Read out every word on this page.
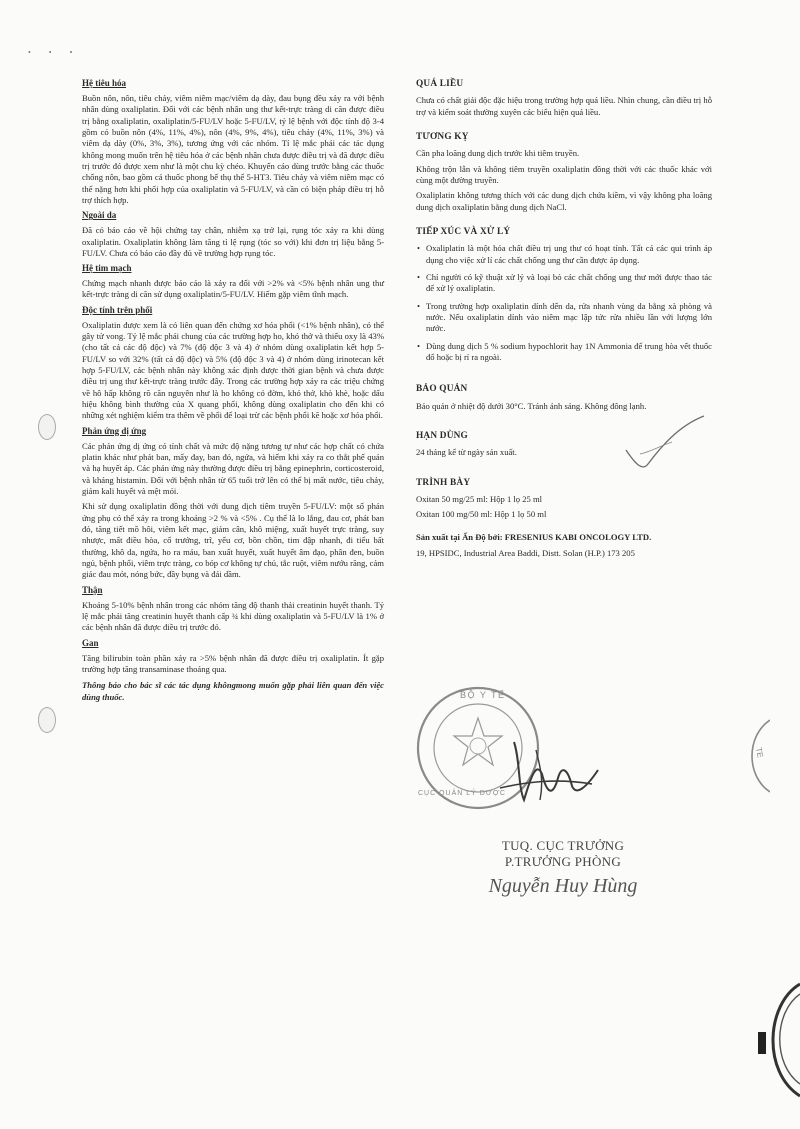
• • •
Hệ tiêu hóa

Buồn nôn, nôn, tiêu chảy, viêm niêm mạc/viêm dạ dày, đau bụng đều xảy ra với bệnh nhân dùng oxaliplatin. Đối với các bệnh nhân ung thư kết-trực tràng di căn được điều trị bằng oxaliplatin, oxaliplatin/5-FU/LV hoặc 5-FU/LV, tỷ lệ bệnh với độc tính độ 3-4 gồm có buồn nôn (4%, 11%, 4%), nôn (4%, 9%, 4%), tiêu chảy (4%, 11%, 3%) và viêm dạ dày (0%, 3%, 3%), tương ứng với các nhóm. Tỉ lệ mắc phải các tác dụng không mong muốn trên hệ tiêu hóa ở các bệnh nhân chưa được điều trị và đã được điều trị trước đó được xem như là một chu kỳ chéo. Khuyến cáo dùng trước bằng các thuốc chống nôn, bao gồm cả thuốc phong bế thụ thể 5-HT3. Tiêu chảy và viêm niêm mạc có thể nặng hơn khi phối hợp của oxaliplatin và 5-FU/LV, và cần có biện pháp điều trị hỗ trợ thích hợp.

Ngoài da

Đã có báo cáo về hội chứng tay chân, nhiễm xạ trở lại, rụng tóc xảy ra khi dùng oxaliplatin. Oxaliplatin không làm tăng tỉ lệ rụng (tóc so với) khi đơn trị liệu bằng 5-FU/LV. Chưa có báo cáo đầy đủ về trường hợp rụng tóc.

Hệ tim mạch

Chứng mạch nhanh được báo cáo là xảy ra đối với >2% và <5% bệnh nhân ung thư kết-trực tràng di căn sử dụng oxaliplatin/5-FU/LV. Hiếm gặp viêm tĩnh mạch.

Độc tính trên phổi

Oxaliplatin được xem là có liên quan đến chứng xơ hóa phổi (<1% bệnh nhân), có thể gây tử vong. Tỷ lệ mắc phải chung của các trường hợp ho, khó thở và thiếu oxy là 43% (cho tất cả các độ độc) và 7% (độ độc 3 và 4) ở nhóm dùng oxaliplatin kết hợp 5-FU/LV so với 32% (tất cả độ độc) và 5% (độ độc 3 và 4) ở nhóm dùng irinotecan kết hợp 5-FU/LV, các bệnh nhân này không xác định được thời gian bệnh và chưa được điều trị ung thư kết-trực tràng trước đây. Trong các trường hợp xảy ra các triệu chứng về hô hấp không rõ căn nguyên như là ho không có đờm, khó thở, khò khè, hoặc dấu hiệu không bình thường của X quang phổi, không dùng oxaliplatin cho đến khi có những xét nghiệm kiểm tra thêm về phổi để loại trừ các bệnh phổi kẽ hoặc xơ hóa phổi.

Phản ứng dị ứng

Các phản ứng dị ứng có tính chất và mức độ nặng tương tự như các hợp chất có chứa platin khác như phát ban, mẩy đay, ban đỏ, ngứa, và hiếm khi xảy ra co thắt phế quản và hạ huyết áp. Các phản ứng này thường được điều trị bằng epinephrin, corticosteroid, và kháng histamin. Đối với bệnh nhân từ 65 tuổi trở lên có thể bị mất nước, tiêu chảy, giảm kali huyết và mệt mỏi.

Khi sử dụng oxaliplatin đồng thời với dung dịch tiêm truyền 5-FU/LV: một số phản ứng phụ có thể xảy ra trong khoảng >2 % và <5% . Cụ thể là lo lắng, đau cơ, phát ban đỏ, tăng tiết mồ hôi, viêm kết mạc, giảm cân, khô miệng, xuất huyết trực tràng, suy nhược, mất điều hòa, cổ trướng, trĩ, yếu cơ, bồn chồn, tim đập nhanh, đi tiểu bất thường, khô da, ngứa, ho ra máu, ban xuất huyết, xuất huyết âm đạo, phân đen, buồn ngủ, bệnh phổi, viêm trực tràng, co bóp cơ không tự chủ, tắc ruột, viêm nướu răng, cảm giác đau mót, nóng bức, đầy bụng và đái dầm.

Thận

Khoảng 5-10% bệnh nhân trong các nhóm tăng độ thanh thải creatinin huyết thanh. Tỷ lệ mắc phải tăng creatinin huyết thanh cấp ¾ khi dùng oxaliplatin và 5-FU/LV là 1% ở các bệnh nhân đã được điều trị trước đó.

Gan

Tăng bilirubin toàn phần xảy ra >5% bệnh nhân đã được điều trị oxaliplatin. Ít gặp trường hợp tăng transaminase thoáng qua.

Thông báo cho bác sĩ các tác dụng khôngmong muốn gặp phải liên quan đến việc dùng thuốc.
QUÁ LIỀU

Chưa có chất giải độc đặc hiệu trong trường hợp quá liều. Nhìn chung, cần điều trị hỗ trợ và kiểm soát thường xuyên các biểu hiện quá liều.

TƯƠNG KỴ

Cần pha loãng dung dịch trước khi tiêm truyền.

Không trộn lẫn và không tiêm truyền oxaliplatin đồng thời với các thuốc khác với cùng một đường truyền.

Oxaliplatin không tương thích với các dung dịch chứa kiềm, vì vậy không pha loãng dung dịch oxaliplatin bằng dung dịch NaCl.

TIẾP XÚC VÀ XỬ LÝ
• Oxaliplatin là một hóa chất điều trị ung thư có hoạt tính. Tất cả các qui trình áp dụng cho việc xử lí các chất chống ung thư cần được áp dụng.
• Chỉ người có kỹ thuật xử lý và loại bỏ các chất chống ung thư mới được thao tác để xử lý oxaliplatin.
• Trong trường hợp oxaliplatin dính dến da, rửa nhanh vùng da bằng xà phòng và nước. Nếu oxaliplatin dính vào niêm mạc lập tức rửa nhiều lần với lượng lớn nước.
• Dùng dung dịch 5 % sodium hypochlorit hay 1N Ammonia để trung hòa vết thuốc đổ hoặc bị rỉ ra ngoài.
BẢO QUẢN

Bảo quản ở nhiệt độ dưới 30°C. Tránh ánh sáng. Không đông lạnh.

HẠN DÙNG

24 tháng kể từ ngày sản xuất.

TRÌNH BÀY

Oxitan 50 mg/25 ml: Hộp 1 lọ 25 ml

Oxitan 100 mg/50 ml: Hộp 1 lọ 50 ml

Sản xuất tại Ấn Độ bởi: FRESENIUS KABI ONCOLOGY LTD.
19, HPSIDC, Industrial Area Baddi, Distt. Solan (H.P.) 173 205
BỘ Y TẾ
CỤC QUẢN LÝ DƯỢC
TUQ. CỤC TRƯỞNG
P.TRƯỞNG PHÒNG
Nguyễn Huy Hùng
TE
